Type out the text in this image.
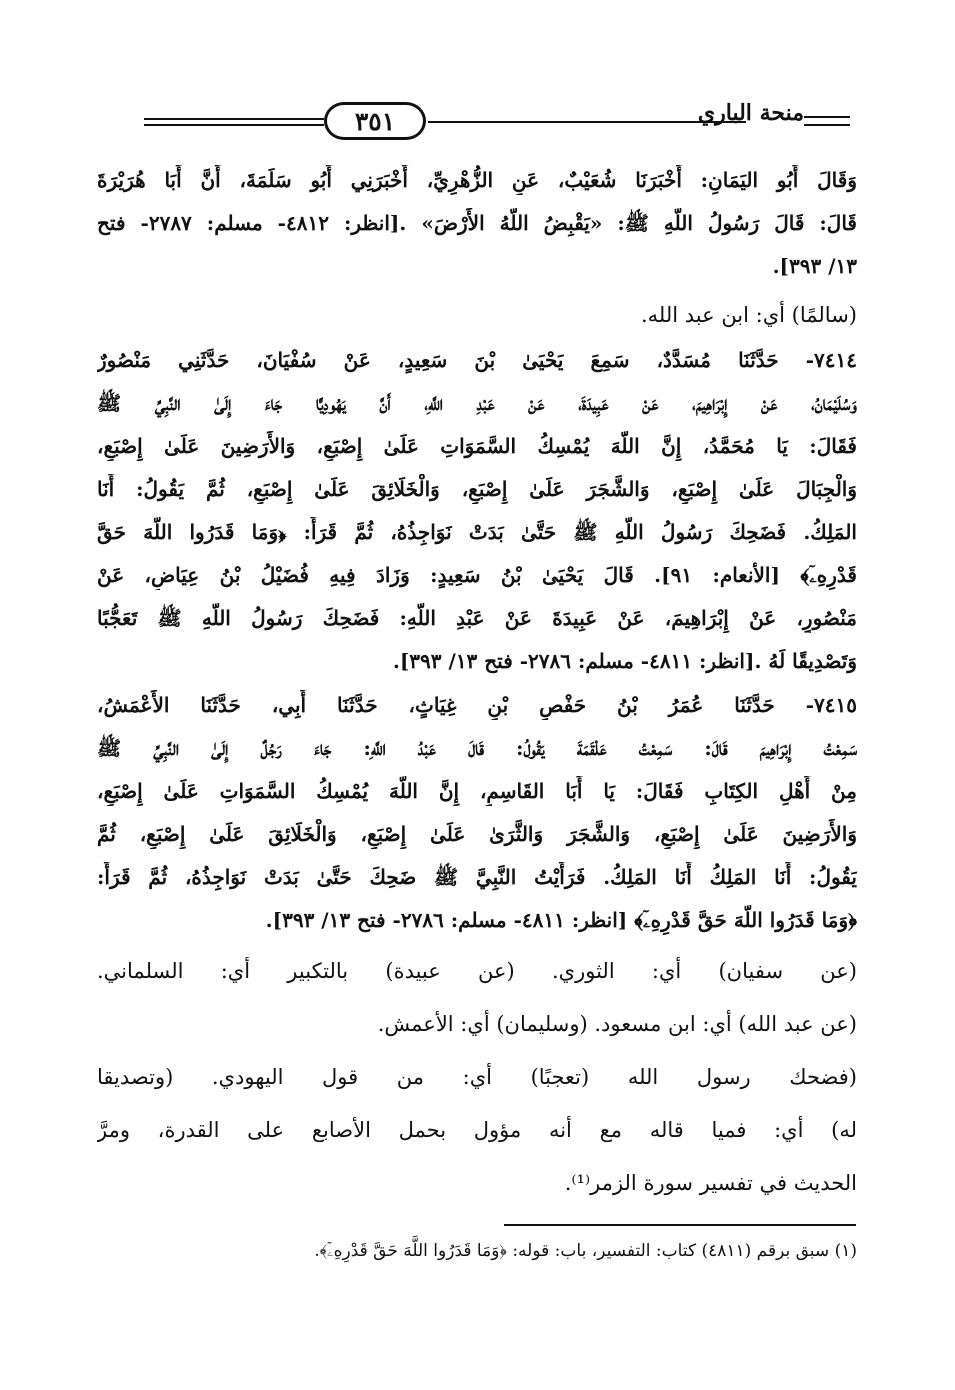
٣٥١	منحة الباري
وَقَالَ أَبُو اليَمَانِ: أَخْبَرَنَا شُعَيْبٌ، عَنِ الزُّهْرِيِّ، أَخْبَرَنِي أَبُو سَلَمَةَ، أَنَّ أَبَا هُرَيْرَةَ
قَالَ: قَالَ رَسُولُ اللَّهِ ﷺ: «يَقْبِضُ اللَّهُ الأَرْضَ» .[انظر: ٤٨١٢- مسلم: ٢٧٨٧- فتح
١٣/ ٣٩٣].
(سالمًا) أي: ابن عبد الله.
٧٤١٤- حَدَّثَنَا مُسَدَّدٌ، سَمِعَ يَحْيَىٰ بْنَ سَعِيدٍ، عَنْ سُفْيَانَ، حَدَّثَنِي مَنْصُورٌ
وَسُلَيْمَانُ، عَنْ إِبْرَاهِيمَ، عَنْ عَبِيدَةَ، عَنْ عَبْدِ اللَّهِ، أَنَّ يَهُودِيًّا جَاءَ إِلَىٰ النَّبِيِّ ﷺ
فَقَالَ: يَا مُحَمَّدُ، إِنَّ اللَّهَ يُمْسِكُ السَّمَوَاتِ عَلَىٰ إِصْبَعٍ، وَالأَرَضِينَ عَلَىٰ إِصْبَعٍ،
وَالْجِبَالَ عَلَىٰ إِصْبَعٍ، وَالشَّجَرَ عَلَىٰ إِصْبَعٍ، وَالْخَلَائِقَ عَلَىٰ إِصْبَعٍ، ثُمَّ يَقُولُ: أَنَا
المَلِكُ. فَضَحِكَ رَسُولُ اللَّهِ ﷺ حَتَّىٰ بَدَتْ نَوَاجِذُهُ، ثُمَّ قَرَأَ: ﴿وَمَا قَدَرُوا اللَّهَ حَقَّ
قَدْرِهِۦٓ﴾ [الأنعام: ٩١]. قَالَ يَحْيَىٰ بْنُ سَعِيدٍ: وَزَادَ فِيهِ فُضَيْلُ بْنُ عِيَاضٍ، عَنْ
مَنْصُورٍ، عَنْ إِبْرَاهِيمَ، عَنْ عَبِيدَةَ عَنْ عَبْدِ اللَّهِ: فَضَحِكَ رَسُولُ اللَّهِ ﷺ تَعَجُّبًا
وَتَصْدِيقًا لَهُ .[انظر: ٤٨١١- مسلم: ٢٧٨٦- فتح ١٣/ ٣٩٣].
٧٤١٥- حَدَّثَنَا عُمَرُ بْنُ حَفْصِ بْنِ غِيَاثٍ، حَدَّثَنَا أَبِي، حَدَّثَنَا الأَعْمَشُ،
سَمِعْتُ إِبْرَاهِيمَ قَالَ: سَمِعْتُ عَلْقَمَةَ يَقُولُ: قَالَ عَبْدُ اللَّهِ: جَاءَ رَجُلٌ إِلَىٰ النَّبِيِّ ﷺ
مِنْ أَهْلِ الكِتَابِ فَقَالَ: يَا أَبَا القَاسِمِ، إِنَّ اللَّهَ يُمْسِكُ السَّمَوَاتِ عَلَىٰ إِصْبَعٍ،
وَالأَرَضِينَ عَلَىٰ إِصْبَعٍ، وَالشَّجَرَ وَالثَّرَىٰ عَلَىٰ إِصْبَعٍ، وَالْخَلَائِقَ عَلَىٰ إِصْبَعٍ، ثُمَّ
يَقُولُ: أَنَا المَلِكُ أَنَا المَلِكُ. فَرَأَيْتُ النَّبِيَّ ﷺ ضَحِكَ حَتَّىٰ بَدَتْ نَوَاجِذُهُ، ثُمَّ قَرَأَ:
﴿وَمَا قَدَرُوا اللَّهَ حَقَّ قَدْرِهِۦٓ﴾ [انظر: ٤٨١١- مسلم: ٢٧٨٦- فتح ١٣/ ٣٩٣].
(عن سفيان) أي: الثوري. (عن عبيدة) بالتكبير أي: السلماني.
(عن عبد الله) أي: ابن مسعود. (وسليمان) أي: الأعمش.
(فضحك رسول الله (تعجبًا) أي: من قول اليهودي. (وتصديقا
له) أي: فميا قاله مع أنه مؤول بحمل الأصابع على القدرة، ومرَّ
الحديث في تفسير سورة الزمر⁽¹⁾.
(١) سبق برقم (٤٨١١) كتاب: التفسير، باب: قوله: ﴿وَمَا قَدَرُوا اللَّهَ حَقَّ قَدْرِهِۦٓ﴾.
